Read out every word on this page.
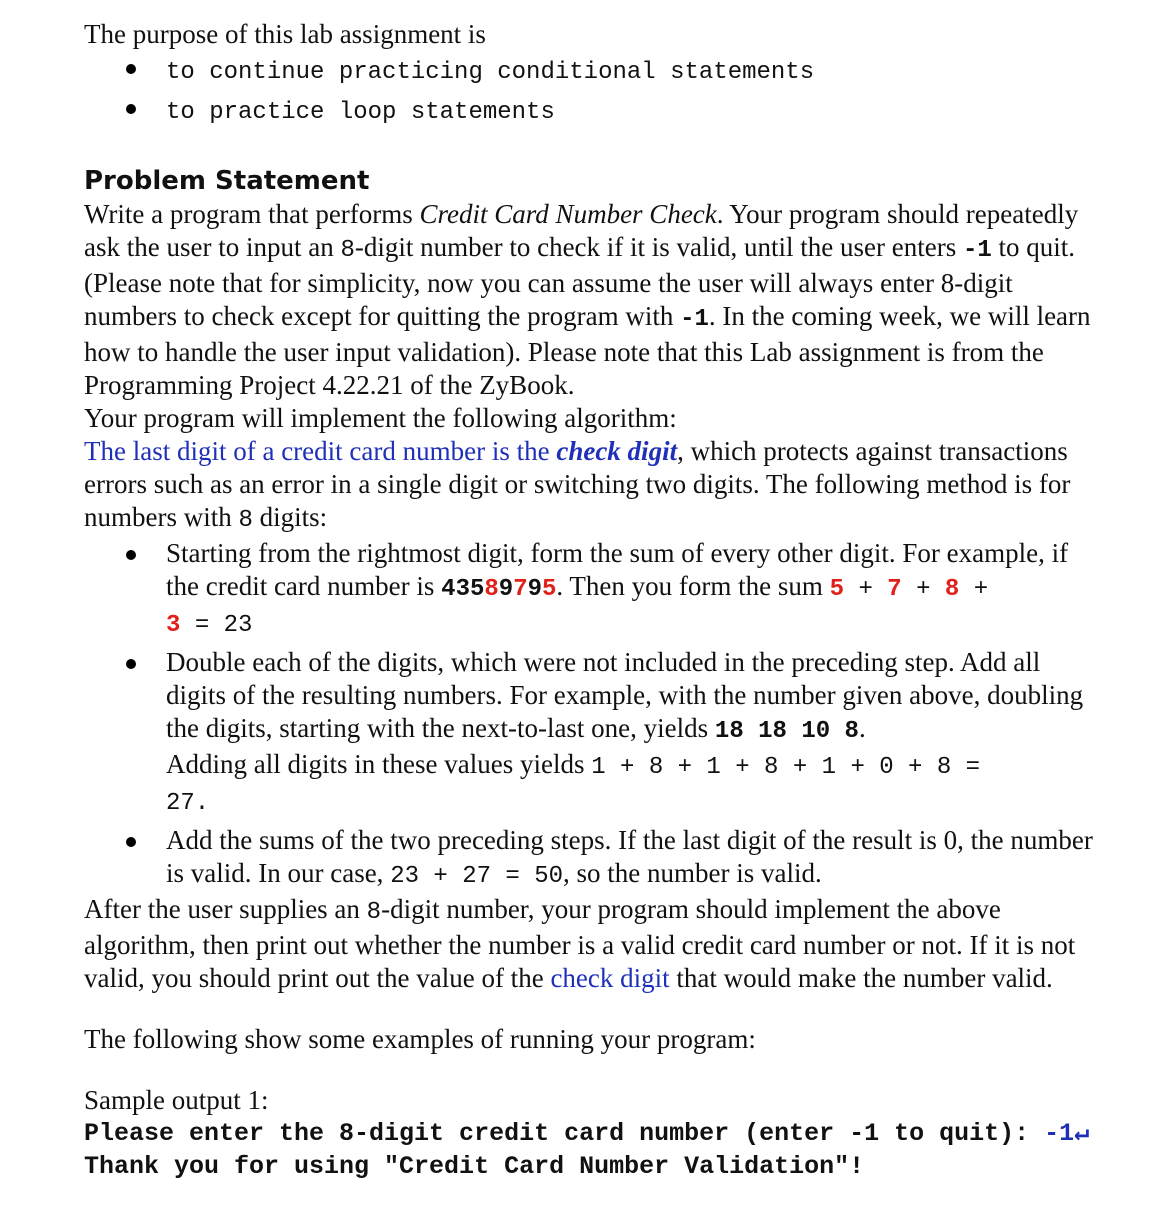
The purpose of this lab assignment is

to continue practicing conditional statements
to practice loop statements

Problem Statement

Write a program that performs Credit Card Number Check. Your program should repeatedly ask the user to input an 8-digit number to check if it is valid, until the user enters -1 to quit. (Please note that for simplicity, now you can assume the user will always enter 8-digit numbers to check except for quitting the program with -1. In the coming week, we will learn how to handle the user input validation). Please note that this Lab assignment is from the Programming Project 4.22.21 of the ZyBook.

Your program will implement the following algorithm:

The last digit of a credit card number is the check digit, which protects against transactions errors such as an error in a single digit or switching two digits. The following method is for numbers with 8 digits:

Starting from the rightmost digit, form the sum of every other digit. For example, if the credit card number is 43589795. Then you form the sum 5 + 7 + 8 +
3 = 23
Double each of the digits, which were not included in the preceding step. Add all digits of the resulting numbers. For example, with the number given above, doubling the digits, starting with the next-to-last one, yields 18 18 10 8.
Adding all digits in these values yields 1 + 8 + 1 + 8 + 1 + 0 + 8 =
27.
Add the sums of the two preceding steps. If the last digit of the result is 0, the number is valid. In our case, 23 + 27 = 50, so the number is valid.

After the user supplies an 8-digit number, your program should implement the above algorithm, then print out whether the number is a valid credit card number or not. If it is not valid, you should print out the value of the check digit that would make the number valid.

The following show some examples of running your program:

Sample output 1:

Please enter the 8-digit credit card number (enter -1 to quit): -1↵

Thank you for using "Credit Card Number Validation"!
